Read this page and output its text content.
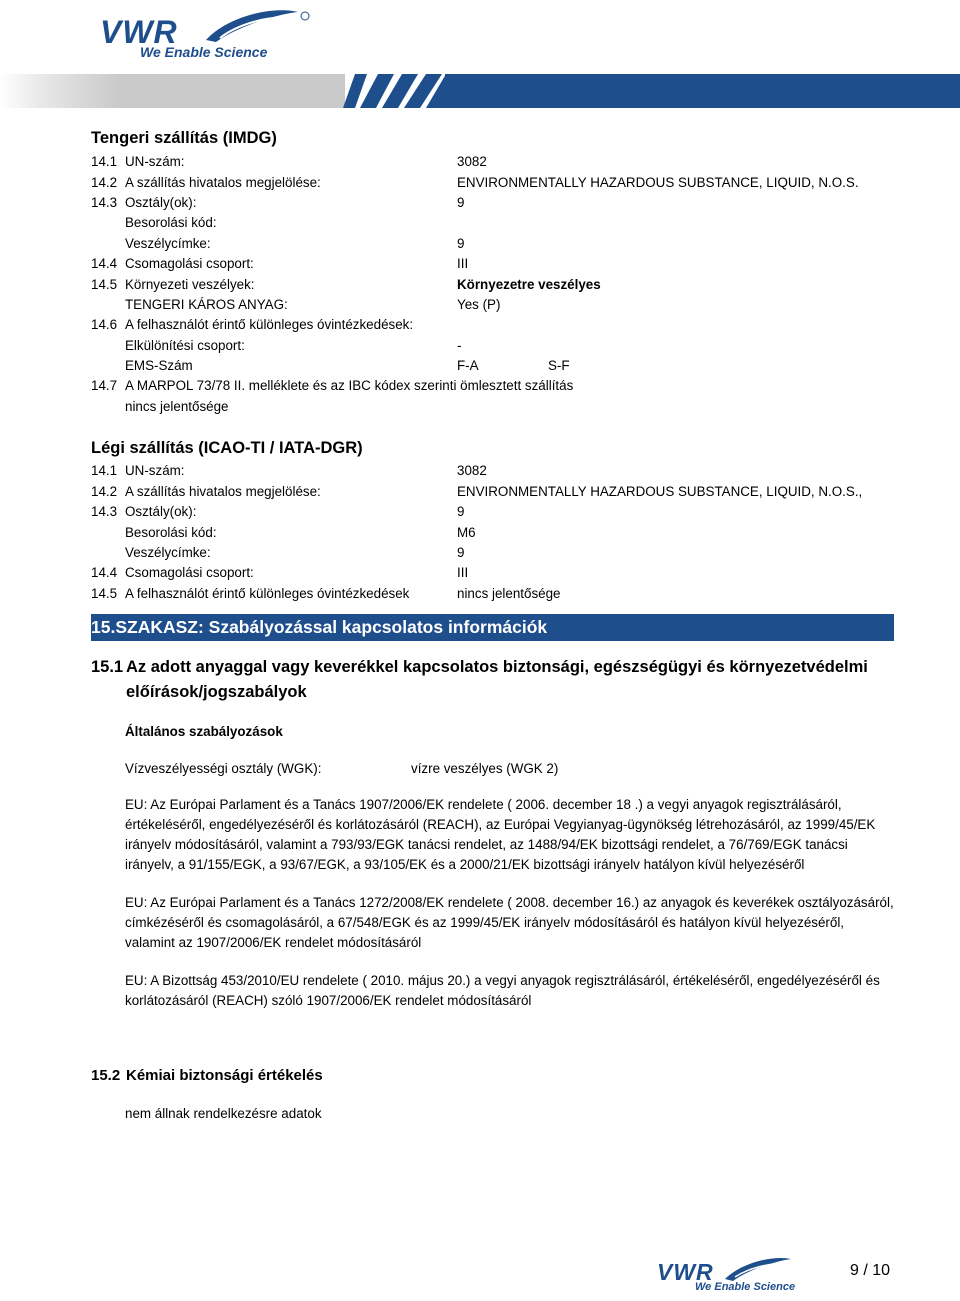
VWR
We Enable Science
Tengeri szállítás (IMDG)
14.1 UN-szám:	3082
14.2 A szállítás hivatalos megjelölése:	ENVIRONMENTALLY HAZARDOUS SUBSTANCE, LIQUID, N.O.S.
14.3 Osztály(ok):	9
Besorolási kód:
Veszélycímke:	9
14.4 Csomagolási csoport:	III
14.5 Környezeti veszélyek:	Környezetre veszélyes
TENGERI KÁROS ANYAG:	Yes (P)
14.6 A felhasználót érintő különleges óvintézkedések:
Elkülönítési csoport:	-
EMS-Szám	F-A	S-F
14.7 A MARPOL 73/78 II. melléklete és az IBC kódex szerinti ömlesztett szállítás
nincs jelentősége
Légi szállítás (ICAO-TI / IATA-DGR)
14.1 UN-szám:	3082
14.2 A szállítás hivatalos megjelölése:	ENVIRONMENTALLY HAZARDOUS SUBSTANCE, LIQUID, N.O.S.,
14.3 Osztály(ok):	9
Besorolási kód:	M6
Veszélycímke:	9
14.4 Csomagolási csoport:	III
14.5 A felhasználót érintő különleges óvintézkedések	nincs jelentősége
15.SZAKASZ: Szabályozással kapcsolatos információk
15.1 Az adott anyaggal vagy keverékkel kapcsolatos biztonsági, egészségügyi és környezetvédelmi
előírások/jogszabályok
Általános szabályozások
Vízveszélyességi osztály (WGK):	vízre veszélyes (WGK 2)
EU: Az Európai Parlament és a Tanács 1907/2006/EK rendelete ( 2006. december 18 .) a vegyi anyagok regisztrálásáról, értékeléséről, engedélyezéséről és korlátozásáról (REACH), az Európai Vegyianyag-ügynökség létrehozásáról, az 1999/45/EK irányelv módosításáról, valamint a 793/93/EGK tanácsi rendelet, az 1488/94/EK bizottsági rendelet, a 76/769/EGK tanácsi irányelv, a 91/155/EGK, a 93/67/EGK, a 93/105/EK és a 2000/21/EK bizottsági irányelv hatályon kívül helyezéséről
EU: Az Európai Parlament és a Tanács 1272/2008/EK rendelete ( 2008. december 16.) az anyagok és keverékek osztályozásáról, címkézéséről és csomagolásáról, a 67/548/EGK és az 1999/45/EK irányelv módosításáról és hatályon kívül helyezéséről, valamint az 1907/2006/EK rendelet módosításáról
EU: A Bizottság 453/2010/EU rendelete ( 2010. május 20.) a vegyi anyagok regisztrálásáról, értékeléséről, engedélyezéséről és korlátozásáról (REACH) szóló 1907/2006/EK rendelet módosításáról
15.2 Kémiai biztonsági értékelés
nem állnak rendelkezésre adatok
VWR
We Enable Science
9 / 10
